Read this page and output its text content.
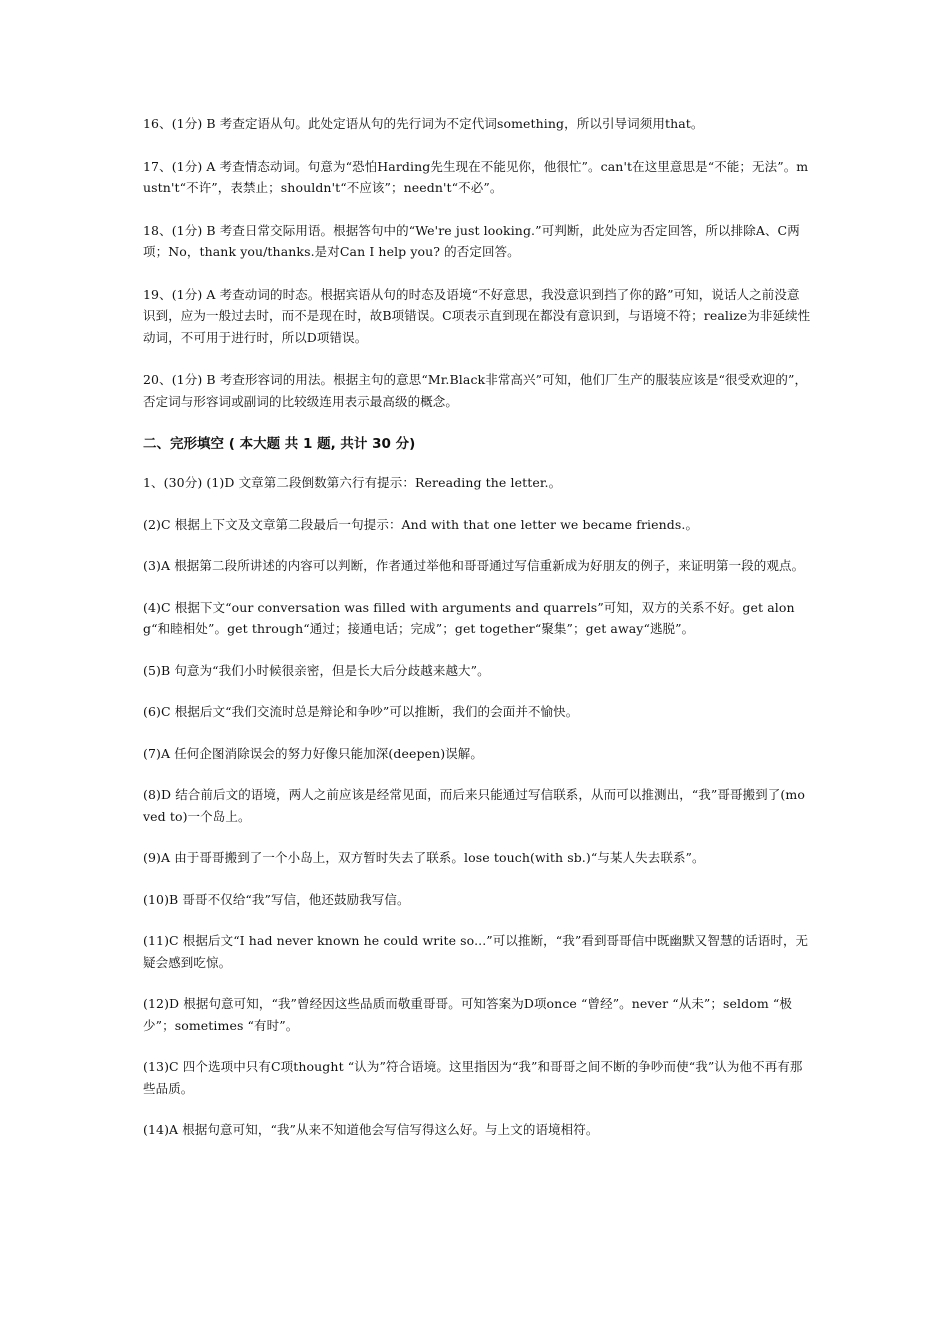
16、(1分) B 考查定语从句。此处定语从句的先行词为不定代词something，所以引导词须用that。

17、(1分) A 考查情态动词。句意为“恐怕Harding先生现在不能见你，他很忙”。can't在这里意思是“不能；无法”。mustn't“不许”，表禁止；shouldn't“不应该”；needn't“不必”。

18、(1分) B 考查日常交际用语。根据答句中的“We're just looking.”可判断，此处应为否定回答，所以排除A、C两项；No，thank you/thanks.是对Can I help you? 的否定回答。

19、(1分) A 考查动词的时态。根据宾语从句的时态及语境“不好意思，我没意识到挡了你的路”可知，说话人之前没意识到，应为一般过去时，而不是现在时，故B项错误。C项表示直到现在都没有意识到，与语境不符；realize为非延续性动词，不可用于进行时，所以D项错误。

20、(1分) B 考查形容词的用法。根据主句的意思“Mr.Black非常高兴”可知，他们厂生产的服装应该是“很受欢迎的”，否定词与形容词或副词的比较级连用表示最高级的概念。

二、完形填空 ( 本大题 共 1 题, 共计 30 分)

1、(30分) (1)D 文章第二段倒数第六行有提示：Rereading the letter.。

(2)C 根据上下文及文章第二段最后一句提示：And with that one letter we became friends.。

(3)A 根据第二段所讲述的内容可以判断，作者通过举他和哥哥通过写信重新成为好朋友的例子，来证明第一段的观点。

(4)C 根据下文“our conversation was filled with arguments and quarrels”可知，双方的关系不好。get along“和睦相处”。get through“通过；接通电话；完成”；get together“聚集”；get away“逃脱”。

(5)B 句意为“我们小时候很亲密，但是长大后分歧越来越大”。

(6)C 根据后文“我们交流时总是辩论和争吵”可以推断，我们的会面并不愉快。

(7)A 任何企图消除误会的努力好像只能加深(deepen)误解。

(8)D 结合前后文的语境，两人之前应该是经常见面，而后来只能通过写信联系，从而可以推测出，“我”哥哥搬到了(moved to)一个岛上。

(9)A 由于哥哥搬到了一个小岛上，双方暂时失去了联系。lose touch(with sb.)“与某人失去联系”。

(10)B 哥哥不仅给“我”写信，他还鼓励我写信。

(11)C 根据后文“I had never known he could write so...”可以推断，“我”看到哥哥信中既幽默又智慧的话语时，无疑会感到吃惊。

(12)D 根据句意可知，“我”曾经因这些品质而敬重哥哥。可知答案为D项once “曾经”。never “从未”；seldom “极少”；sometimes “有时”。

(13)C 四个选项中只有C项thought “认为”符合语境。这里指因为“我”和哥哥之间不断的争吵而使“我”认为他不再有那些品质。

(14)A 根据句意可知，“我”从来不知道他会写信写得这么好。与上文的语境相符。
